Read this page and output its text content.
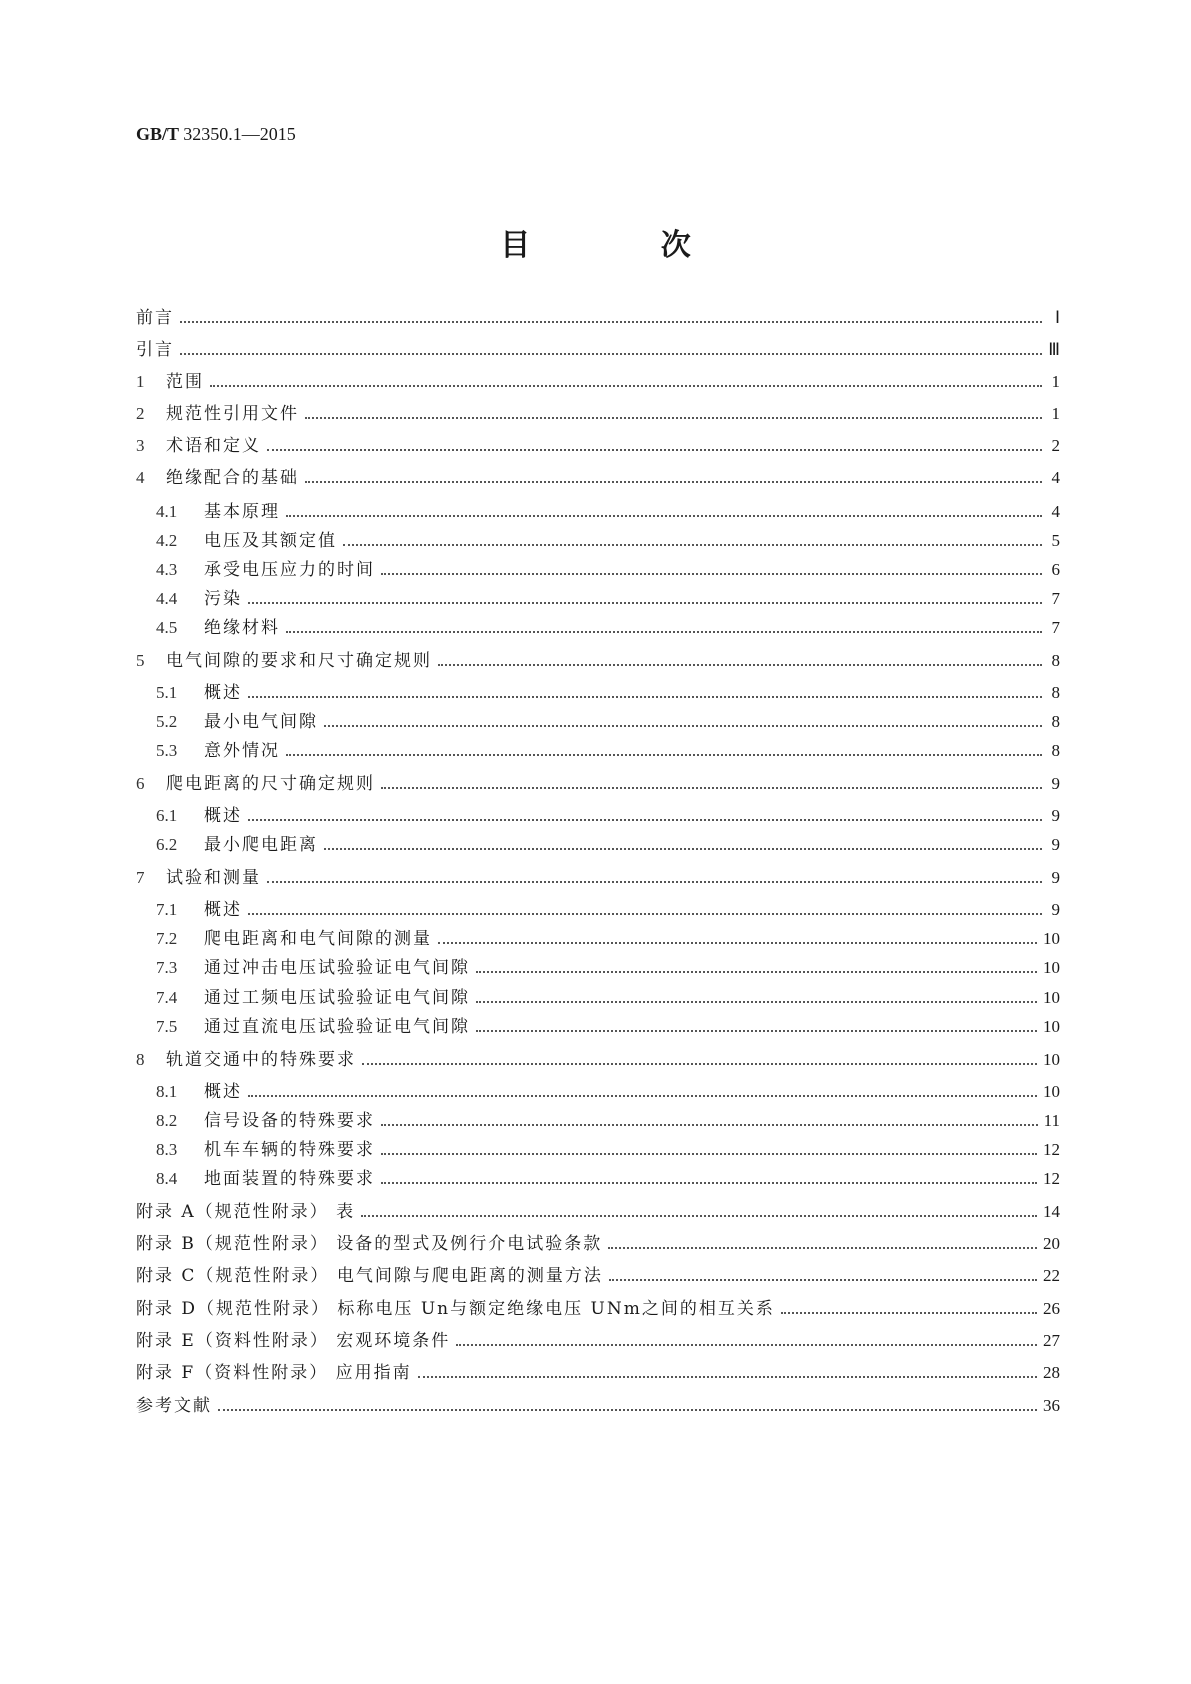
GB/T 32350.1—2015
目 次
前言	Ⅰ
引言	Ⅲ
1	范围	1
2	规范性引用文件	1
3	术语和定义	2
4	绝缘配合的基础	4
4.1	基本原理	4
4.2	电压及其额定值	5
4.3	承受电压应力的时间	6
4.4	污染	7
4.5	绝缘材料	7
5	电气间隙的要求和尺寸确定规则	8
5.1	概述	8
5.2	最小电气间隙	8
5.3	意外情况	8
6	爬电距离的尺寸确定规则	9
6.1	概述	9
6.2	最小爬电距离	9
7	试验和测量	9
7.1	概述	9
7.2	爬电距离和电气间隙的测量	10
7.3	通过冲击电压试验验证电气间隙	10
7.4	通过工频电压试验验证电气间隙	10
7.5	通过直流电压试验验证电气间隙	10
8	轨道交通中的特殊要求	10
8.1	概述	10
8.2	信号设备的特殊要求	11
8.3	机车车辆的特殊要求	12
8.4	地面装置的特殊要求	12
附录 A（规范性附录） 表	14
附录 B（规范性附录） 设备的型式及例行介电试验条款	20
附录 C（规范性附录） 电气间隙与爬电距离的测量方法	22
附录 D（规范性附录） 标称电压 Un与额定绝缘电压 UNm之间的相互关系	26
附录 E（资料性附录） 宏观环境条件	27
附录 F（资料性附录） 应用指南	28
参考文献	36
